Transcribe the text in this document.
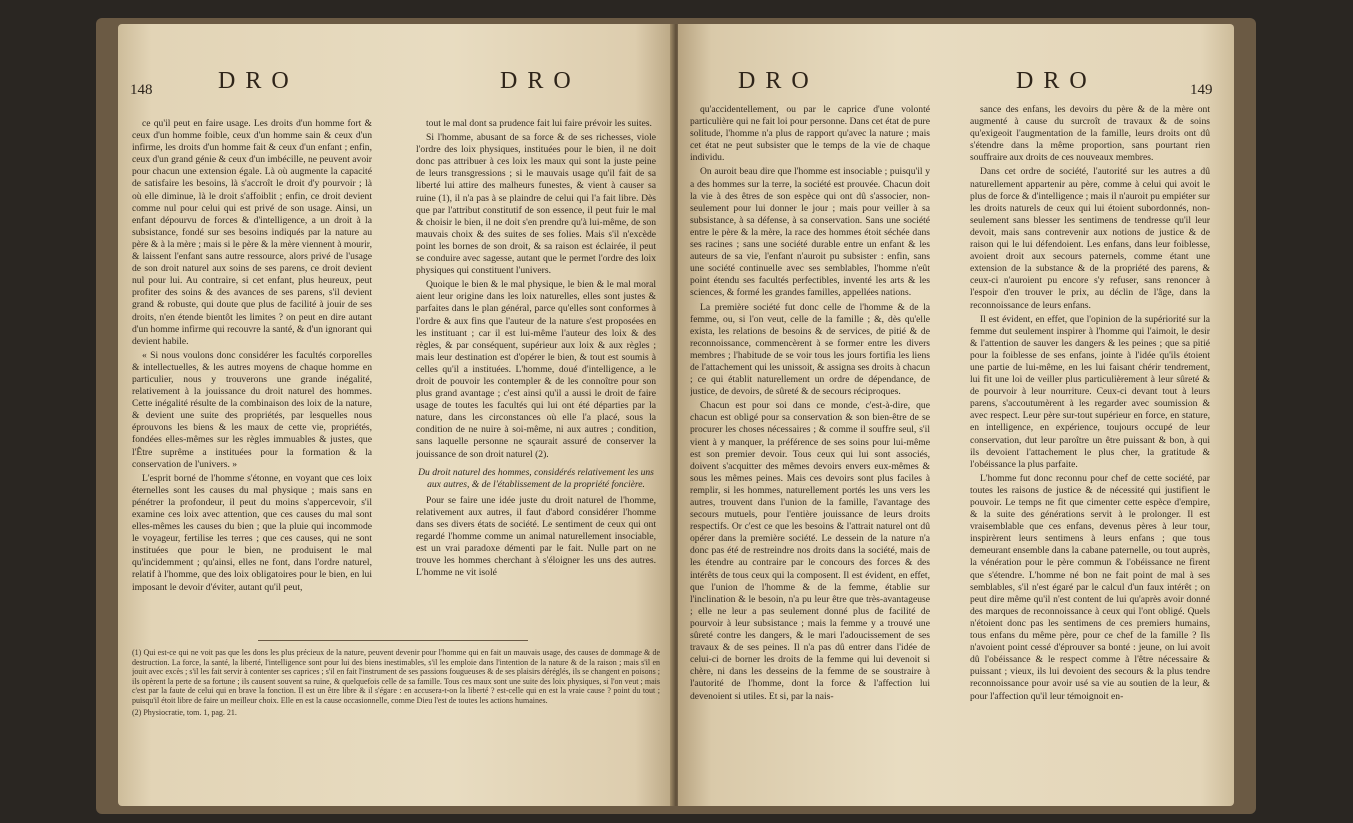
DRO	DRO
148

ce qu'il peut en faire usage. Les droits d'un homme fort & ceux d'un homme foible, ceux d'un homme sain & ceux d'un infirme, les droits d'un homme fait & ceux d'un enfant ; enfin, ceux d'un grand génie & ceux d'un imbécille, ne peuvent avoir pour chacun une extension égale. Là où augmente la capacité de satisfaire les besoins, là s'accroît le droit d'y pourvoir ; là où elle diminue, là le droit s'affoiblit ; enfin, ce droit devient comme nul pour celui qui est privé de son usage. Ainsi, un enfant dépourvu de forces & d'intelligence, a un droit à la subsistance, fondé sur ses besoins indiqués par la nature au père & à la mère ; mais si le père & la mère viennent à mourir, & laissent l'enfant sans autre ressource, alors privé de l'usage de son droit naturel aux soins de ses parens, ce droit devient nul pour lui. Au contraire, si cet enfant, plus heureux, peut profiter des soins & des avances de ses parens, s'il devient grand & robuste, qui doute que plus de facilité à jouir de ses droits, n'en étende bientôt les limites ? on peut en dire autant d'un homme infirme qui recouvre la santé, & d'un ignorant qui devient habile.

« Si nous voulons donc considérer les facultés corporelles & intellectuelles, & les autres moyens de chaque homme en particulier, nous y trouverons une grande inégalité, relativement à la jouissance du droit naturel des hommes. Cette inégalité résulte de la combinaison des loix de la nature, & devient une suite des propriétés, par lesquelles nous éprouvons les biens & les maux de cette vie, propriétés, fondées elles-mêmes sur les règles immuables & justes, que l'Être suprême a instituées pour la formation & la conservation de l'univers. »

L'esprit borné de l'homme s'étonne, en voyant que ces loix éternelles sont les causes du mal physique ; mais sans en pénétrer la profondeur, il peut du moins s'appercevoir, s'il examine ces loix avec attention, que ces causes du mal sont elles-mêmes les causes du bien ; que la pluie qui incommode le voyageur, fertilise les terres ; que ces causes, qui ne sont instituées que pour le bien, ne produisent le mal qu'incidemment ; qu'ainsi, elles ne font, dans l'ordre naturel, relatif à l'homme, que des loix obligatoires pour le bien, en lui imposant le devoir d'éviter, autant qu'il peut,

tout le mal dont sa prudence fait lui faire prévoir les suites.

Si l'homme, abusant de sa force & de ses richesses, viole l'ordre des loix physiques, instituées pour le bien, il ne doit donc pas attribuer à ces loix les maux qui sont la juste peine de leurs transgressions ; si le mauvais usage qu'il fait de sa liberté lui attire des malheurs funestes, & vient à causer sa ruine (1), il n'a pas à se plaindre de celui qui l'a fait libre. Dès que par l'attribut constitutif de son essence, il peut fuir le mal & choisir le bien, il ne doit s'en prendre qu'à lui-même, de son mauvais choix & des suites de ses folies. Mais s'il n'excède point les bornes de son droit, & sa raison est éclairée, il peut se conduire avec sagesse, autant que le permet l'ordre des loix physiques qui constituent l'univers.

Quoique le bien & le mal physique, le bien & le mal moral aient leur origine dans les loix naturelles, elles sont justes & parfaites dans le plan général, parce qu'elles sont conformes à l'ordre & aux fins que l'auteur de la nature s'est proposées en les instituant ; car il est lui-même l'auteur des loix & des règles, & par conséquent, supérieur aux loix & aux règles ; mais leur destination est d'opérer le bien, & tout est soumis à celles qu'il a instituées. L'homme, doué d'intelligence, a le droit de pouvoir les contempler & de les connoître pour son plus grand avantage ; c'est ainsi qu'il a aussi le droit de faire usage de toutes les facultés qui lui ont été départies par la nature, dans les circonstances où elle l'a placé, sous la condition de ne nuire à soi-même, ni aux autres ; condition, sans laquelle personne ne sçaurait assuré de conserver la jouissance de son droit naturel (2).

Du droit naturel des hommes, considérés relativement les uns aux autres, & de l'établissement de la propriété foncière.

Pour se faire une idée juste du droit naturel de l'homme, relativement aux autres, il faut d'abord considérer l'homme dans ses divers états de société. Le sentiment de ceux qui ont regardé l'homme comme un animal naturellement insociable, est un vrai paradoxe démenti par le fait. Nulle part on ne trouve les hommes cherchant à s'éloigner les uns des autres. L'homme ne vit isolé

(1) Qui est-ce qui ne voit pas que les dons les plus précieux de la nature, peuvent devenir pour l'homme qui en fait un mauvais usage, des causes de dommage & de destruction. La force, la santé, la liberté, l'intelligence sont pour lui des biens inestimables, s'il les emploie dans l'intention de la nature & de la raison ; mais s'il en jouit avec excès ; s'il les fait servir à contenter ses caprices ; s'il en fait l'instrument de ses passions fougueuses & de ses plaisirs déréglés, ils se changent en poisons ; ils opèrent la perte de sa fortune ; ils causent souvent sa ruine, & quelquefois celle de sa famille. Tous ces maux sont une suite des loix physiques, si l'on veut ; mais c'est par la faute de celui qui en brave la fonction. Il est un être libre & il s'égare : en accusera-t-on la liberté ? est-celle qui en est la vraie cause ? point du tout ; puisqu'il étoit libre de faire un meilleur choix. Elle en est la cause occasionnelle, comme Dieu l'est de toutes les actions humaines.

(2) Physiocratie, tom. 1, pag. 21.

DRO	DRO	149

qu'accidentellement, ou par le caprice d'une volonté particulière qui ne fait loi pour personne. Dans cet état de pure solitude, l'homme n'a plus de rapport qu'avec la nature ; mais cet état ne peut subsister que le temps de la vie de chaque individu.

On auroit beau dire que l'homme est insociable ; puisqu'il y a des hommes sur la terre, la société est prouvée. Chacun doit la vie à des êtres de son espèce qui ont dû s'associer, non-seulement pour lui donner le jour ; mais pour veiller à sa subsistance, à sa défense, à sa conservation. Sans une société entre le père & la mère, la race des hommes étoit séchée dans ses racines ; sans une société durable entre un enfant & les auteurs de sa vie, l'enfant n'auroit pu subsister : enfin, sans une société continuelle avec ses semblables, l'homme n'eût point étendu ses facultés perfectibles, inventé les arts & les sciences, & formé les grandes familles, appellées nations.

La première société fut donc celle de l'homme & de la femme, ou, si l'on veut, celle de la famille ; &, dès qu'elle exista, les relations de besoins & de services, de pitié & de reconnoissance, commencèrent à se former entre les divers membres ; l'habitude de se voir tous les jours fortifia les liens de l'attachement qui les unissoit, & assigna ses droits à chacun ; ce qui établit naturellement un ordre de dépendance, de justice, de devoirs, de sûreté & de secours réciproques.

Chacun est pour soi dans ce monde, c'est-à-dire, que chacun est obligé pour sa conservation & son bien-être de se procurer les choses nécessaires ; & comme il souffre seul, s'il vient à y manquer, la préférence de ses soins pour lui-même est son premier devoir. Tous ceux qui lui sont associés, doivent s'acquitter des mêmes devoirs envers eux-mêmes & sous les mêmes peines. Mais ces devoirs sont plus faciles à remplir, si les hommes, naturellement portés les uns vers les autres, trouvent dans l'union de la famille, l'avantage des secours mutuels, pour l'entière jouissance de leurs droits respectifs. Or c'est ce que les besoins & l'attrait naturel ont dû opérer dans la première société. Le dessein de la nature n'a donc pas été de restreindre nos droits dans la société, mais de les étendre au contraire par le concours des forces & des intérêts de tous ceux qui la composent. Il est évident, en effet, que l'union de l'homme & de la femme, établie sur l'inclination & le besoin, n'a pu leur être que très-avantageuse ; elle ne leur a pas seulement donné plus de facilité de pourvoir à leur subsistance ; mais la femme y a trouvé une sûreté contre les dangers, & le mari l'adoucissement de ses travaux & de ses peines. Il n'a pas dû entrer dans l'idée de celui-ci de borner les droits de la femme qui lui devenoit si chère, ni dans les desseins de la femme de se soustraire à l'autorité de l'homme, dont la force & l'affection lui devenoient si utiles. Et si, par la nais-

sance des enfans, les devoirs du père & de la mère ont augmenté à cause du surcroît de travaux & de soins qu'exigeoit l'augmentation de la famille, leurs droits ont dû s'étendre dans la même proportion, sans pourtant rien souffraire aux droits de ces nouveaux membres.

Dans cet ordre de société, l'autorité sur les autres a dû naturellement appartenir au père, comme à celui qui avoit le plus de force & d'intelligence ; mais il n'auroit pu empiéter sur les droits naturels de ceux qui lui étoient subordonnés, non-seulement sans blesser les sentimens de tendresse qu'il leur devoit, mais sans contrevenir aux notions de justice & de raison qui le lui défendoient. Les enfans, dans leur foiblesse, avoient droit aux secours paternels, comme étant une extension de la substance & de la propriété des parens, & ceux-ci n'auroient pu encore s'y refuser, sans renoncer à l'espoir d'en trouver le prix, au déclin de l'âge, dans la reconnoissance de leurs enfans.

Il est évident, en effet, que l'opinion de la supériorité sur la femme dut seulement inspirer à l'homme qui l'aimoit, le desir & l'attention de sauver les dangers & les peines ; que sa pitié pour la foiblesse de ses enfans, jointe à l'idée qu'ils étoient une partie de lui-même, en les lui faisant chérir tendrement, lui fit une loi de veiller plus particulièrement à leur sûreté & de pourvoir à leur nourriture. Ceux-ci devant tout à leurs parens, s'accoutumèrent à les regarder avec soumission & avec respect. Leur père sur-tout supérieur en force, en stature, en intelligence, en expérience, toujours occupé de leur conservation, dut leur paroître un être puissant & bon, à qui ils devoient l'attachement le plus cher, la gratitude & l'obéissance la plus parfaite.

L'homme fut donc reconnu pour chef de cette société, par toutes les raisons de justice & de nécessité qui justifient le pouvoir. Le temps ne fit que cimenter cette espèce d'empire, & la suite des générations servit à le prolonger. Il est vraisemblable que ces enfans, devenus pères à leur tour, inspirèrent leurs sentimens à leurs enfans ; que tous demeurant ensemble dans la cabane paternelle, ou tout auprès, la vénération pour le père commun & l'obéissance ne firent que s'étendre. L'homme né bon ne fait point de mal à ses semblables, s'il n'est égaré par le calcul d'un faux intérêt ; on peut dire même qu'il n'est content de lui qu'après avoir donné des marques de reconnoissance à ceux qui l'ont obligé. Quels n'étoient donc pas les sentimens de ces premiers humains, tous enfans du même père, pour ce chef de la famille ? Ils n'avoient point cessé d'éprouver sa bonté : jeune, on lui avoit dû l'obéissance & le respect comme à l'être nécessaire & puissant ; vieux, ils lui devoient des secours & la plus tendre reconnoissance pour avoir usé sa vie au soutien de la leur, & pour l'affection qu'il leur témoignoit en-
